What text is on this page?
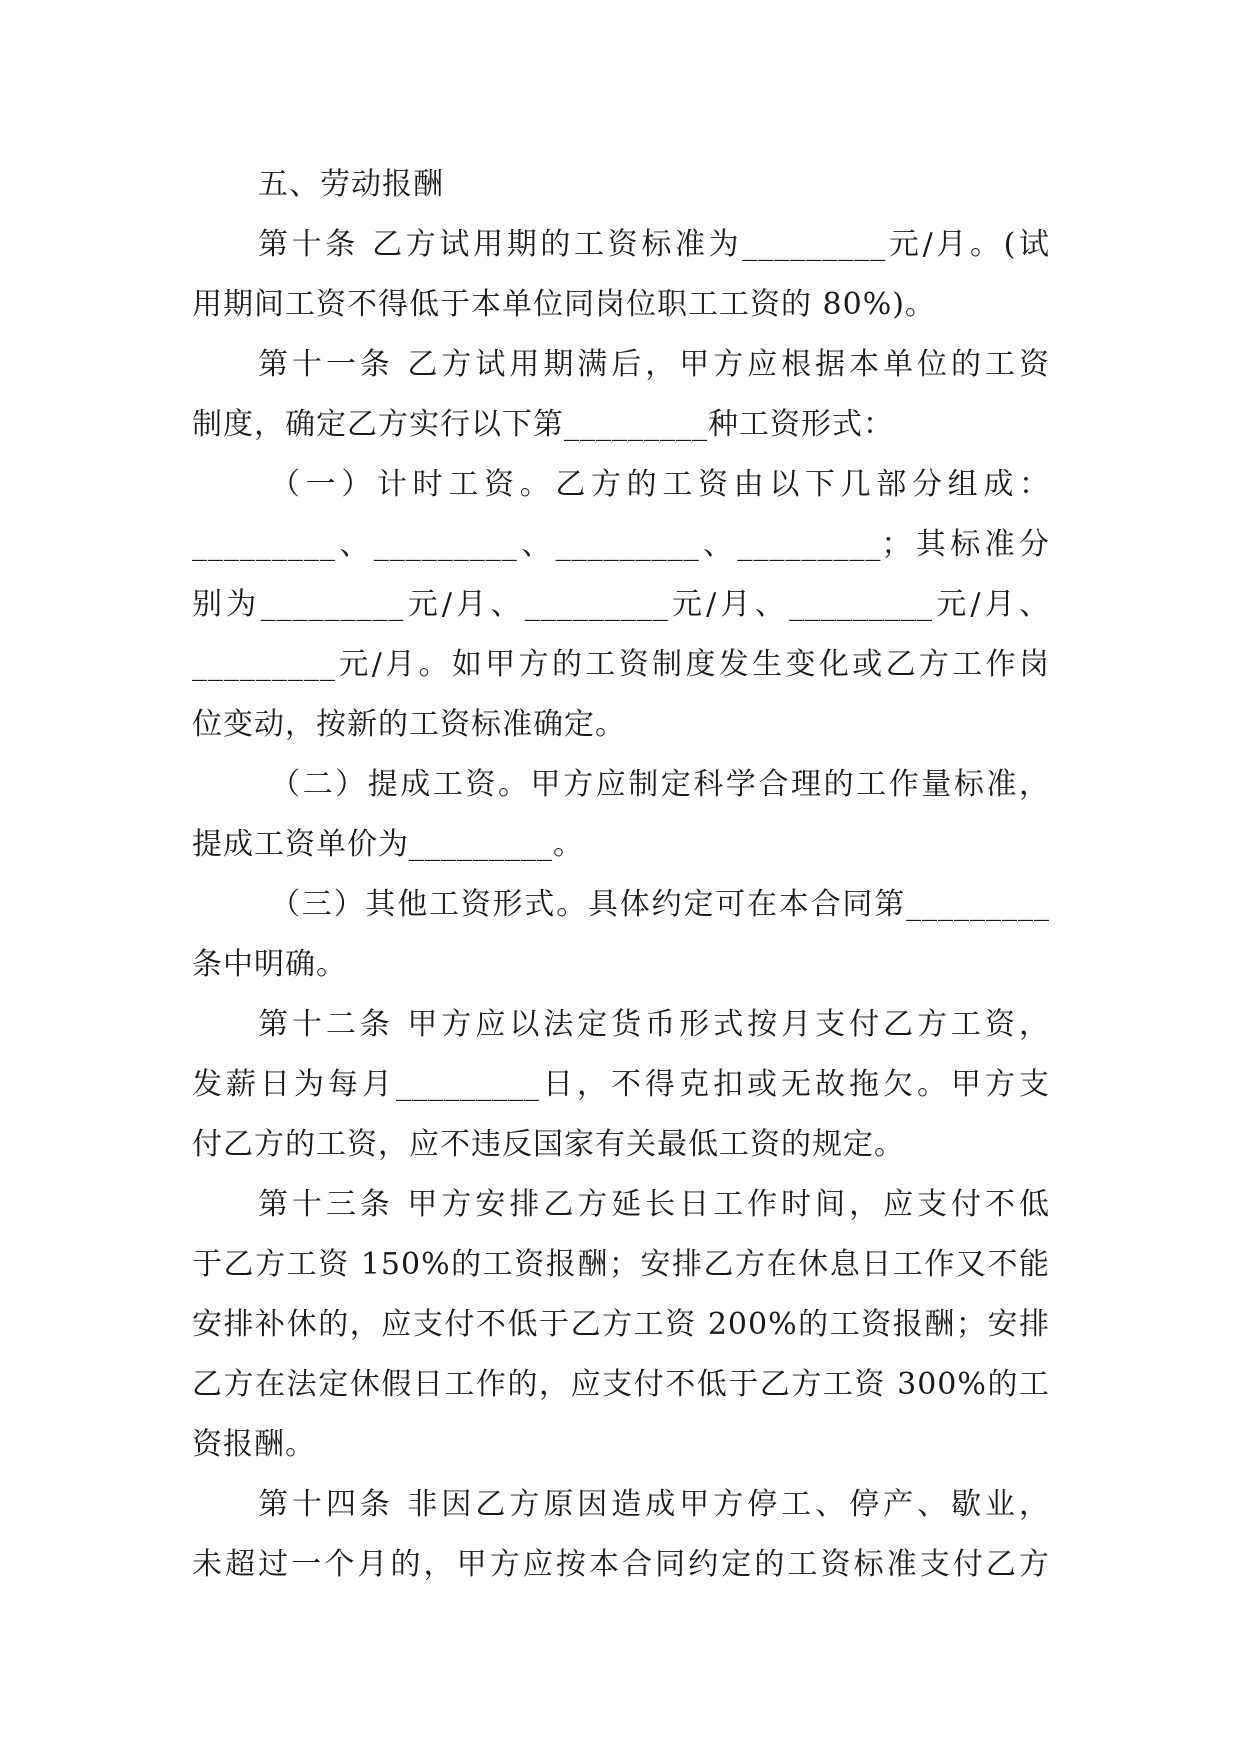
五、劳动报酬
第十条 乙方试用期的工资标准为_________元/月。(试
用期间工资不得低于本单位同岗位职工工资的 80%)。
第十一条 乙方试用期满后，甲方应根据本单位的工资
制度，确定乙方实行以下第_________种工资形式：
（一）计时工资。乙方的工资由以下几部分组成：
_________、_________、_________、_________；其标准分
别为_________元/月、_________元/月、_________元/月、
_________元/月。如甲方的工资制度发生变化或乙方工作岗
位变动，按新的工资标准确定。
（二）提成工资。甲方应制定科学合理的工作量标准，
提成工资单价为_________。
（三）其他工资形式。具体约定可在本合同第_________
条中明确。
第十二条 甲方应以法定货币形式按月支付乙方工资，
发薪日为每月_________日，不得克扣或无故拖欠。甲方支
付乙方的工资，应不违反国家有关最低工资的规定。
第十三条 甲方安排乙方延长日工作时间，应支付不低
于乙方工资 150%的工资报酬；安排乙方在休息日工作又不能
安排补休的，应支付不低于乙方工资 200%的工资报酬；安排
乙方在法定休假日工作的，应支付不低于乙方工资 300%的工
资报酬。
第十四条 非因乙方原因造成甲方停工、停产、歇业，
未超过一个月的，甲方应按本合同约定的工资标准支付乙方
